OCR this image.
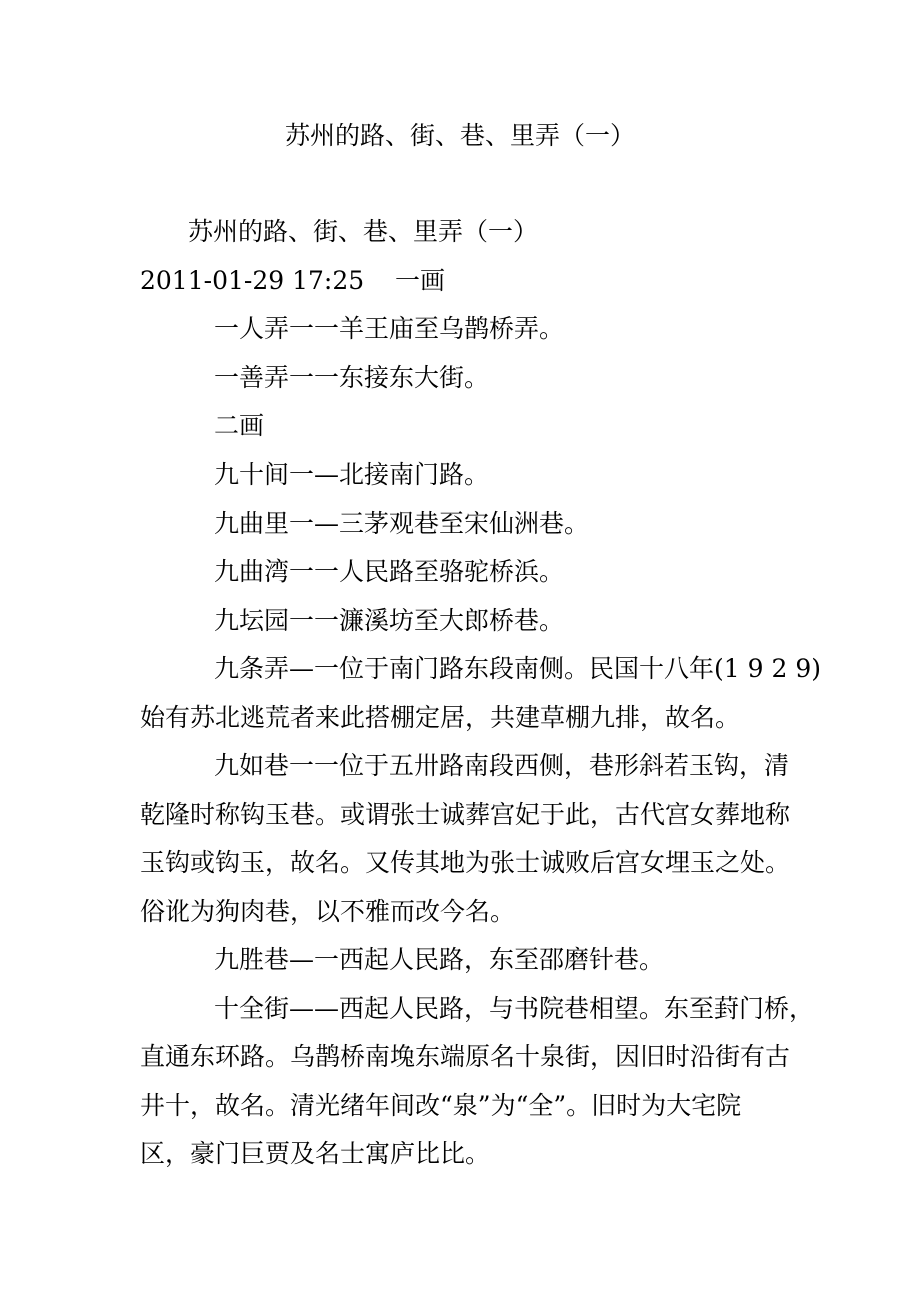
苏州的路、街、巷、里弄（一）
苏州的路、街、巷、里弄（一）
2011-01-29 17:25 一画
一人弄一一羊王庙至乌鹊桥弄。
一善弄一一东接东大街。
二画
九十间一—北接南门路。
九曲里一—三茅观巷至宋仙洲巷。
九曲湾一一人民路至骆驼桥浜。
九坛园一一濂溪坊至大郎桥巷。
九条弄—一位于南门路东段南侧。民国十八年(1 9 2 9)
始有苏北逃荒者来此搭棚定居，共建草棚九排，故名。
九如巷一一位于五卅路南段西侧，巷形斜若玉钩，清
乾隆时称钩玉巷。或谓张士诚葬宫妃于此，古代宫女葬地称
玉钩或钩玉，故名。又传其地为张士诚败后宫女埋玉之处。
俗讹为狗肉巷，以不雅而改今名。
九胜巷—一西起人民路，东至邵磨针巷。
十全街——西起人民路，与书院巷相望。东至葑门桥，
直通东环路。乌鹊桥南堍东端原名十泉街，因旧时沿街有古
井十，故名。清光绪年间改“泉”为“全”。旧时为大宅院
区，豪门巨贾及名士寓庐比比。
